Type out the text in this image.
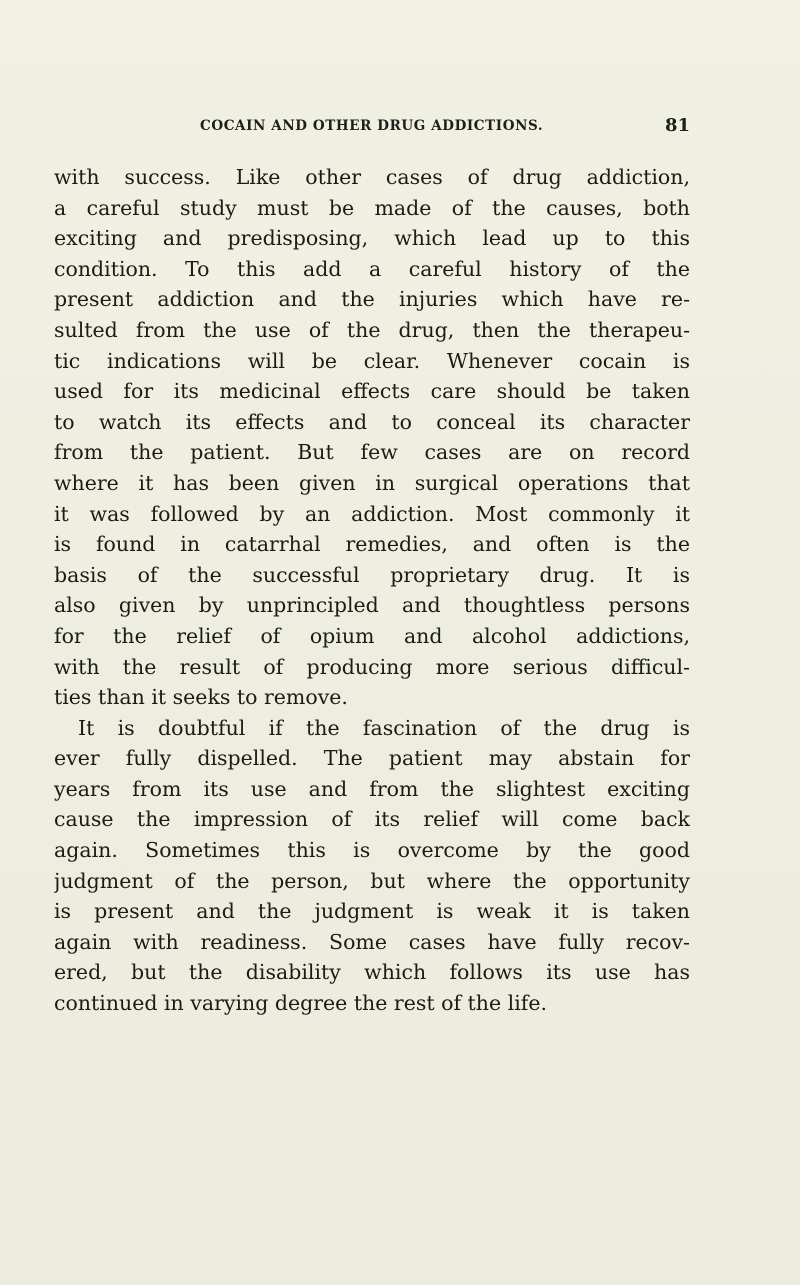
COCAIN AND OTHER DRUG ADDICTIONS.	81
with success. Like other cases of drug addiction,
a careful study must be made of the causes, both
exciting and predisposing, which lead up to this
condition. To this add a careful history of the
present addiction and the injuries which have re-
sulted from the use of the drug, then the therapeu-
tic indications will be clear. Whenever cocain is
used for its medicinal effects care should be taken
to watch its effects and to conceal its character
from the patient. But few cases are on record
where it has been given in surgical operations that
it was followed by an addiction. Most commonly it
is found in catarrhal remedies, and often is the
basis of the successful proprietary drug. It is
also given by unprincipled and thoughtless persons
for the relief of opium and alcohol addictions,
with the result of producing more serious difficul-
ties than it seeks to remove.
It is doubtful if the fascination of the drug is
ever fully dispelled. The patient may abstain for
years from its use and from the slightest exciting
cause the impression of its relief will come back
again. Sometimes this is overcome by the good
judgment of the person, but where the opportunity
is present and the judgment is weak it is taken
again with readiness. Some cases have fully recov-
ered, but the disability which follows its use has
continued in varying degree the rest of the life.
